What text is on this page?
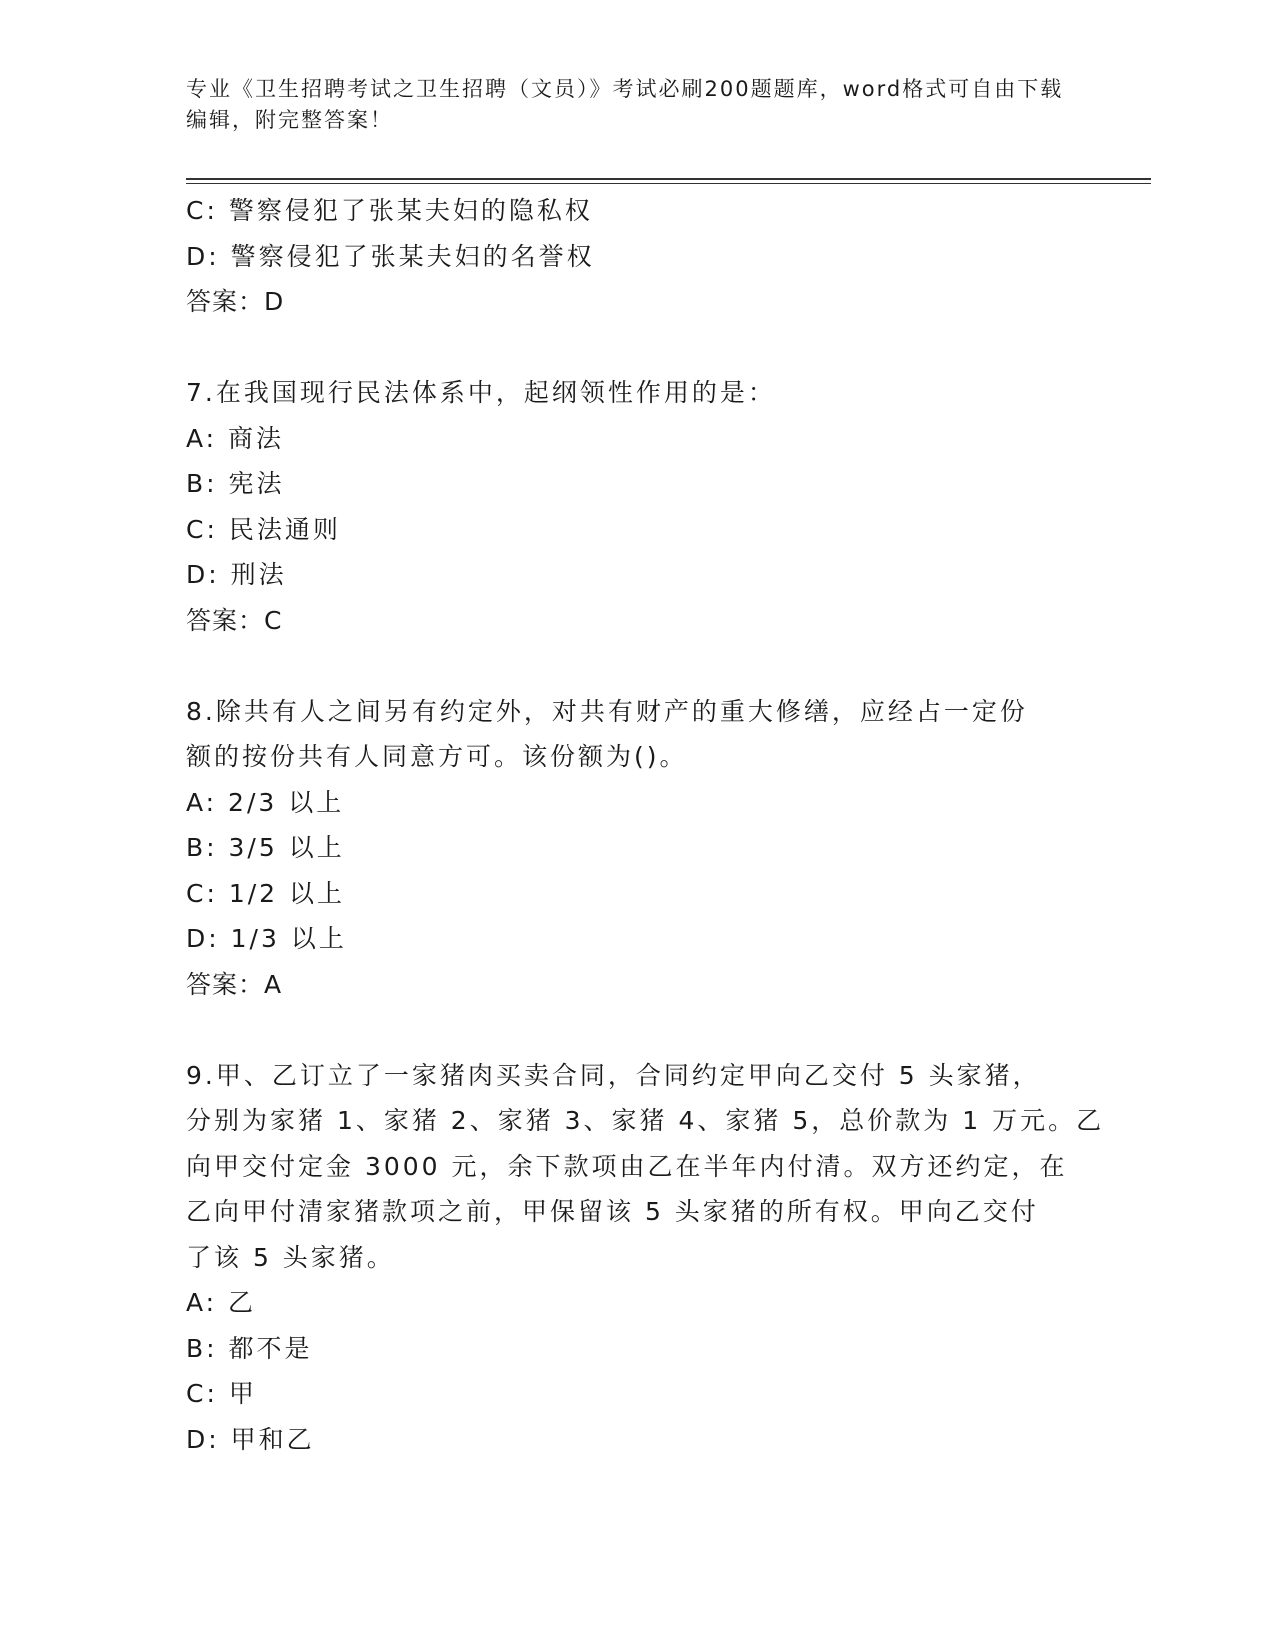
专业《卫生招聘考试之卫生招聘（文员）》考试必刷200题题库，word格式可自由下载编辑，附完整答案！
C: 警察侵犯了张某夫妇的隐私权
D: 警察侵犯了张某夫妇的名誉权
答案：D
7.在我国现行民法体系中，起纲领性作用的是：
A: 商法
B: 宪法
C: 民法通则
D: 刑法
答案：C
8.除共有人之间另有约定外，对共有财产的重大修缮，应经占一定份
额的按份共有人同意方可。该份额为()。
A: 2/3 以上
B: 3/5 以上
C: 1/2 以上
D: 1/3 以上
答案：A
9.甲、乙订立了一家猪肉买卖合同，合同约定甲向乙交付 5 头家猪，
分别为家猪 1、家猪 2、家猪 3、家猪 4、家猪 5，总价款为 1 万元。乙
向甲交付定金 3000 元，余下款项由乙在半年内付清。双方还约定，在
乙向甲付清家猪款项之前，甲保留该 5 头家猪的所有权。甲向乙交付
了该 5 头家猪。
A: 乙
B: 都不是
C: 甲
D: 甲和乙
